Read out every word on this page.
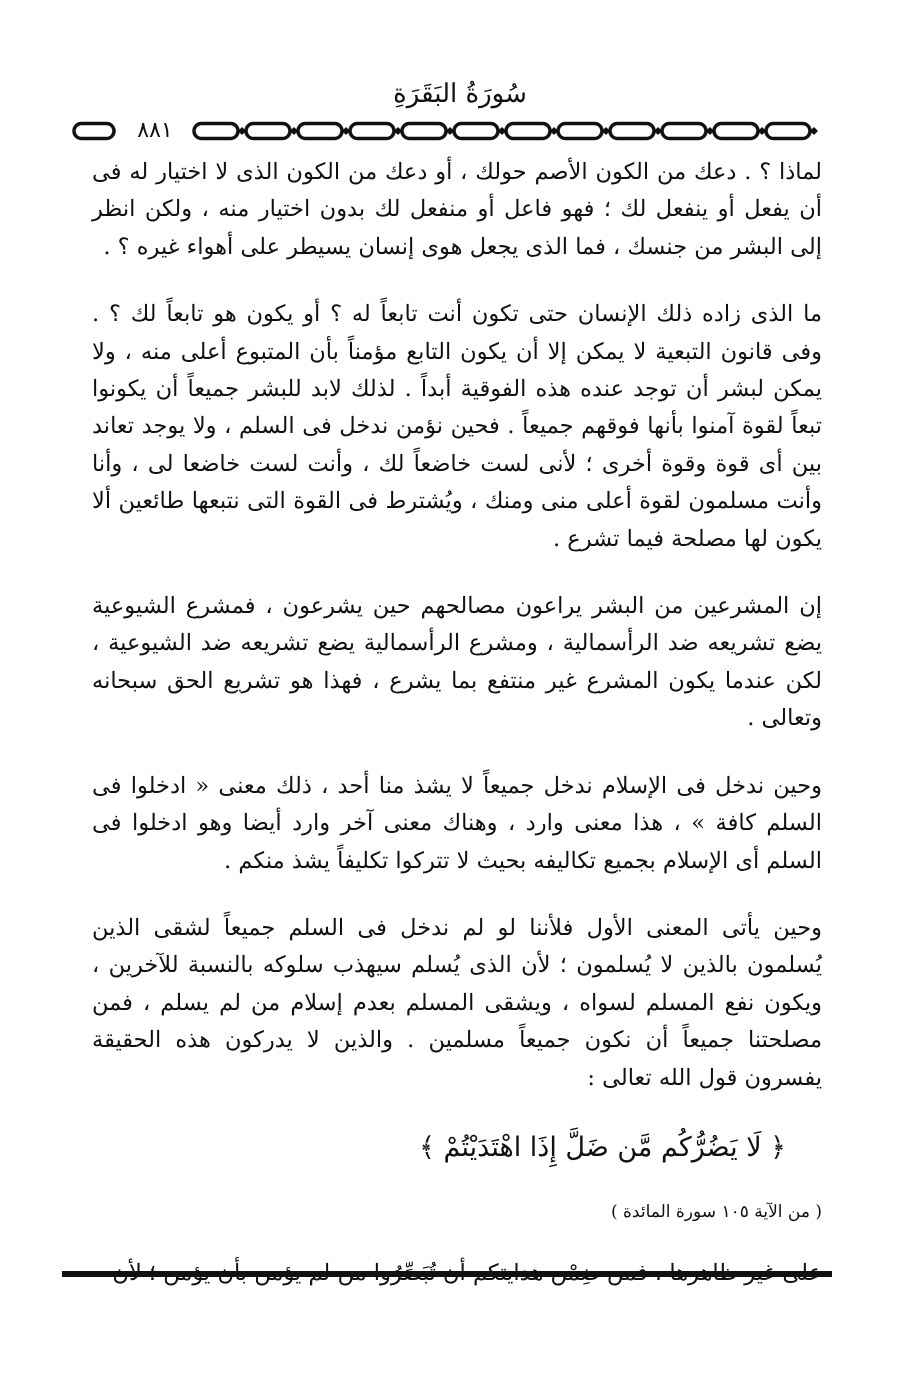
سُورَةُ البَقَرَةِ
٨٨١

لماذا ؟ . دعك من الكون الأصم حولك ، أو دعك من الكون الذى لا اختيار له فى أن يفعل أو ينفعل لك ؛ فهو فاعل أو منفعل لك بدون اختيار منه ، ولكن انظر إلى البشر من جنسك ، فما الذى يجعل هوى إنسان يسيطر على أهواء غيره ؟ .

ما الذى زاده ذلك الإنسان حتى تكون أنت تابعاً له ؟ أو يكون هو تابعاً لك ؟ . وفى قانون التبعية لا يمكن إلا أن يكون التابع مؤمناً بأن المتبوع أعلى منه ، ولا يمكن لبشر أن توجد عنده هذه الفوقية أبداً . لذلك لابد للبشر جميعاً أن يكونوا تبعاً لقوة آمنوا بأنها فوقهم جميعاً . فحين نؤمن ندخل فى السلم ، ولا يوجد تعاند بين أى قوة وقوة أخرى ؛ لأنى لست خاضعاً لك ، وأنت لست خاضعا لى ، وأنا وأنت مسلمون لقوة أعلى منى ومنك ، ويُشترط فى القوة التى نتبعها طائعين ألا يكون لها مصلحة فيما تشرع .

إن المشرعين من البشر يراعون مصالحهم حين يشرعون ، فمشرع الشيوعية يضع تشريعه ضد الرأسمالية ، ومشرع الرأسمالية يضع تشريعه ضد الشيوعية ، لكن عندما يكون المشرع غير منتفع بما يشرع ، فهذا هو تشريع الحق سبحانه وتعالى .

وحين ندخل فى الإسلام ندخل جميعاً لا يشذ منا أحد ، ذلك معنى « ادخلوا فى السلم كافة » ، هذا معنى وارد ، وهناك معنى آخر وارد أيضا وهو ادخلوا فى السلم أى الإسلام بجميع تكاليفه بحيث لا تتركوا تكليفاً يشذ منكم .

وحين يأتى المعنى الأول فلأننا لو لم ندخل فى السلم جميعاً لشقى الذين يُسلمون بالذين لا يُسلمون ؛ لأن الذى يُسلم سيهذب سلوكه بالنسبة للآخرين ، ويكون نفع المسلم لسواه ، ويشقى المسلم بعدم إسلام من لم يسلم ، فمن مصلحتنا جميعاً أن نكون جميعاً مسلمين . والذين لا يدركون هذه الحقيقة يفسرون قول الله تعالى :

﴿ لَا يَضُرُّكُم مَّن ضَلَّ إِذَا اهْتَدَيْتُمْ ﴾

( من الآية ١٠٥ سورة المائدة )
